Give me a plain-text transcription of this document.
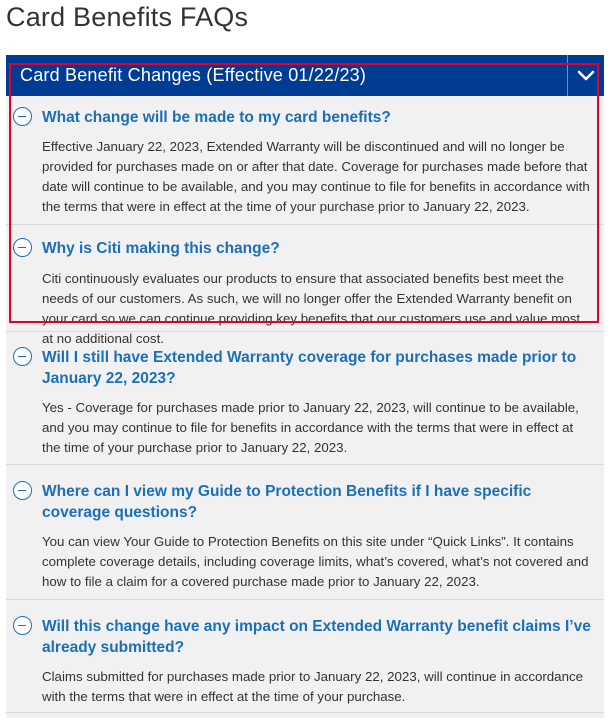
Card Benefits FAQs
Card Benefit Changes (Effective 01/22/23)
What change will be made to my card benefits?
Effective January 22, 2023, Extended Warranty will be discontinued and will no longer be provided for purchases made on or after that date. Coverage for purchases made before that date will continue to be available, and you may continue to file for benefits in accordance with the terms that were in effect at the time of your purchase prior to January 22, 2023.
Why is Citi making this change?
Citi continuously evaluates our products to ensure that associated benefits best meet the needs of our customers. As such, we will no longer offer the Extended Warranty benefit on your card so we can continue providing key benefits that our customers use and value most at no additional cost.
Will I still have Extended Warranty coverage for purchases made prior to January 22, 2023?
Yes - Coverage for purchases made prior to January 22, 2023, will continue to be available, and you may continue to file for benefits in accordance with the terms that were in effect at the time of your purchase prior to January 22, 2023.
Where can I view my Guide to Protection Benefits if I have specific coverage questions?
You can view Your Guide to Protection Benefits on this site under “Quick Links”. It contains complete coverage details, including coverage limits, what’s covered, what’s not covered and how to file a claim for a covered purchase made prior to January 22, 2023.
Will this change have any impact on Extended Warranty benefit claims I’ve already submitted?
Claims submitted for purchases made prior to January 22, 2023, will continue in accordance with the terms that were in effect at the time of your purchase.
